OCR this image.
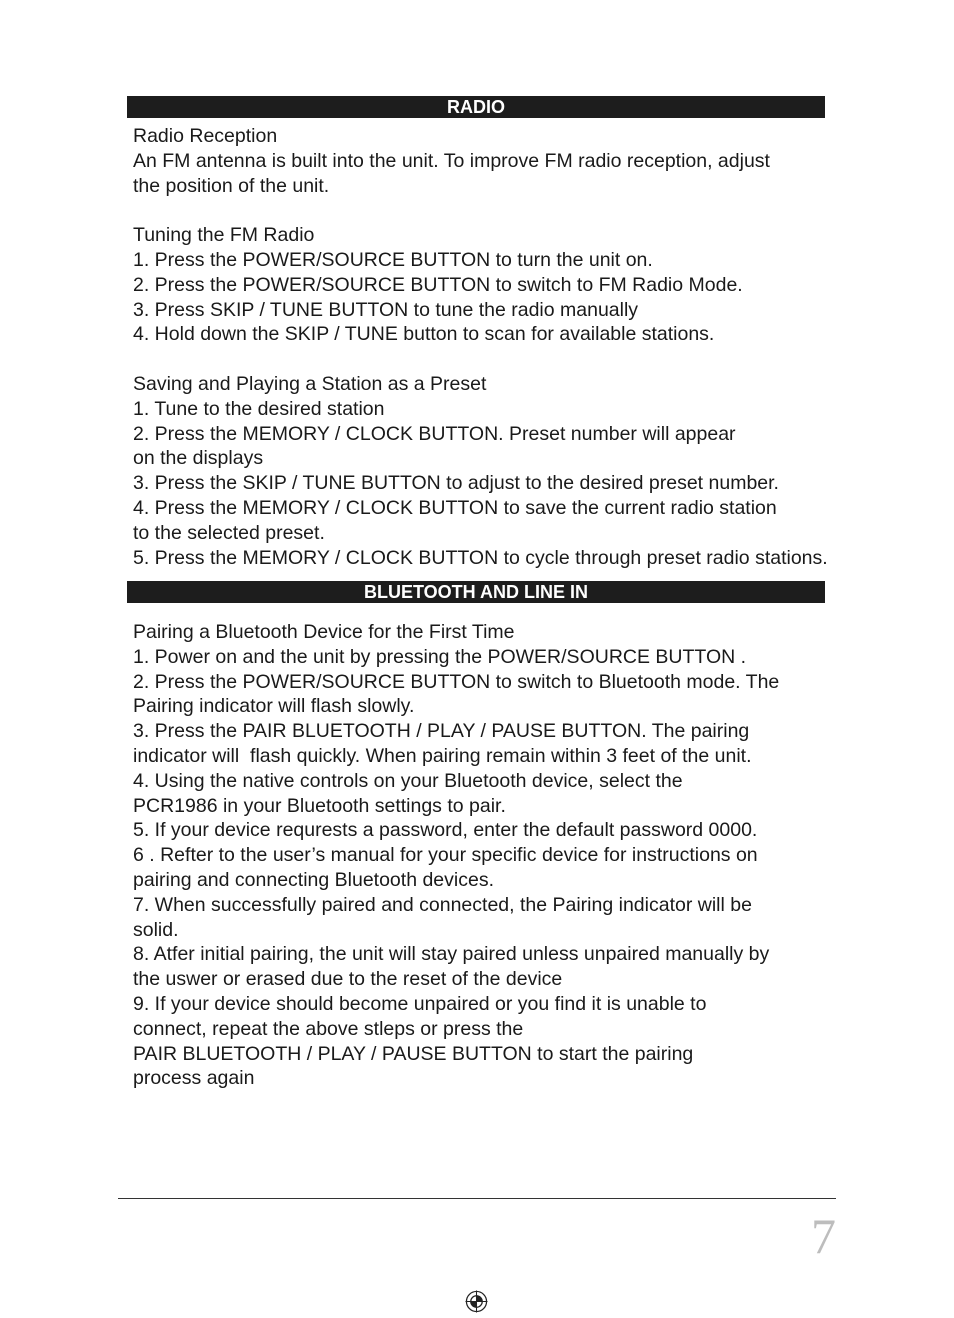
RADIO
Radio Reception
An FM antenna is built into the unit. To improve FM radio reception, adjust
the position of the unit.
Tuning the FM Radio
1. Press the POWER/SOURCE BUTTON to turn the unit on.
2. Press the POWER/SOURCE BUTTON to switch to FM Radio Mode.
3. Press SKIP / TUNE BUTTON to tune the radio manually
4. Hold down the SKIP / TUNE button to scan for available stations.
Saving and Playing a Station as a Preset
1. Tune to the desired station
2. Press the MEMORY / CLOCK BUTTON. Preset number will appear
on the displays
3. Press the SKIP / TUNE BUTTON to adjust to the desired preset number.
4. Press the MEMORY / CLOCK BUTTON to save the current radio station
to the selected preset.
5. Press the MEMORY / CLOCK BUTTON to cycle through preset radio stations.
BLUETOOTH AND LINE IN
Pairing a Bluetooth Device for the First Time
1. Power on and the unit by pressing the POWER/SOURCE BUTTON .
2. Press the POWER/SOURCE BUTTON to switch to Bluetooth mode. The
Pairing indicator will flash slowly.
3. Press the PAIR BLUETOOTH / PLAY / PAUSE BUTTON. The pairing
indicator will  flash quickly. When pairing remain within 3 feet of the unit.
4. Using the native controls on your Bluetooth device, select the
PCR1986 in your Bluetooth settings to pair.
5. If your device requrests a password, enter the default password 0000.
6 . Refter to the user’s manual for your specific device for instructions on
pairing and connecting Bluetooth devices.
7. When successfully paired and connected, the Pairing indicator will be
solid.
8. Atfer initial pairing, the unit will stay paired unless unpaired manually by
the uswer or erased due to the reset of the device
9. If your device should become unpaired or you find it is unable to
connect, repeat the above stleps or press the
PAIR BLUETOOTH / PLAY / PAUSE BUTTON to start the pairing
process again
7
